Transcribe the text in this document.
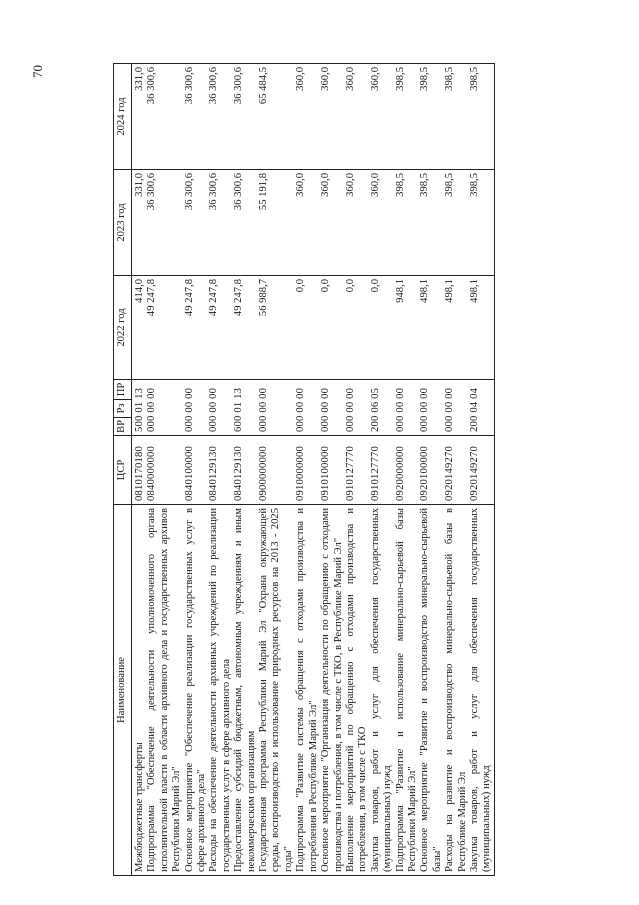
70
Наименование	ЦСР	ВР	Рз	ПР	2022 год	2023 год	2024 год
Межбюджетные трансферты	0810170180	500 01 13			414,0	331,0	331,0
Подпрограмма "Обеспечение деятельности уполномоченного органа исполнительной власти в области архивного дела и государственных архивов Республики Марий Эл"	0840000000	000 00 00			49 247,8	36 300,6	36 300,6
Основное мероприятие "Обеспечение реализации государственных услуг в сфере архивного дела"	0840100000	000 00 00			49 247,8	36 300,6	36 300,6
Расходы на обеспечение деятельности архивных учреждений по реализации государственных услуг в сфере архивного дела	0840129130	000 00 00			49 247,8	36 300,6	36 300,6
Предоставление субсидий бюджетным, автономным учреждениям и иным некоммерческим организациям	0840129130	600 01 13			49 247,8	36 300,6	36 300,6
Государственная программа Республики Марий Эл "Охрана окружающей среды, воспроизводство и использование природных ресурсов на 2013 - 2025 годы"	0900000000	000 00 00			56 988,7	55 191,8	65 484,5
Подпрограмма "Развитие системы обращения с отходами производства и потребления в Республике Марий Эл"	0910000000	000 00 00			0,0	360,0	360,0
Основное мероприятие "Организация деятельности по обращению с отходами производства и потребления, в том числе с ТКО, в Республике Марий Эл"	0910100000	000 00 00			0,0	360,0	360,0
Выполнение мероприятий по обращению с отходами производства и потребления, в том числе с ТКО	0910127770	000 00 00			0,0	360,0	360,0
Закупка товаров, работ и услуг для обеспечения государственных (муниципальных) нужд	0910127770	200 06 05			0,0	360,0	360,0
Подпрограмма "Развитие и использование минерально-сырьевой базы Республики Марий Эл"	0920000000	000 00 00			948,1	398,5	398,5
Основное мероприятие "Развитие и воспроизводство минерально-сырьевой базы"	0920100000	000 00 00			498,1	398,5	398,5
Расходы на развитие и воспроизводство минерально-сырьевой базы в Республике Марий Эл	0920149270	000 00 00			498,1	398,5	398,5
Закупка товаров, работ и услуг для обеспечения государственных (муниципальных) нужд	0920149270	200 04 04			498,1	398,5	398,5
